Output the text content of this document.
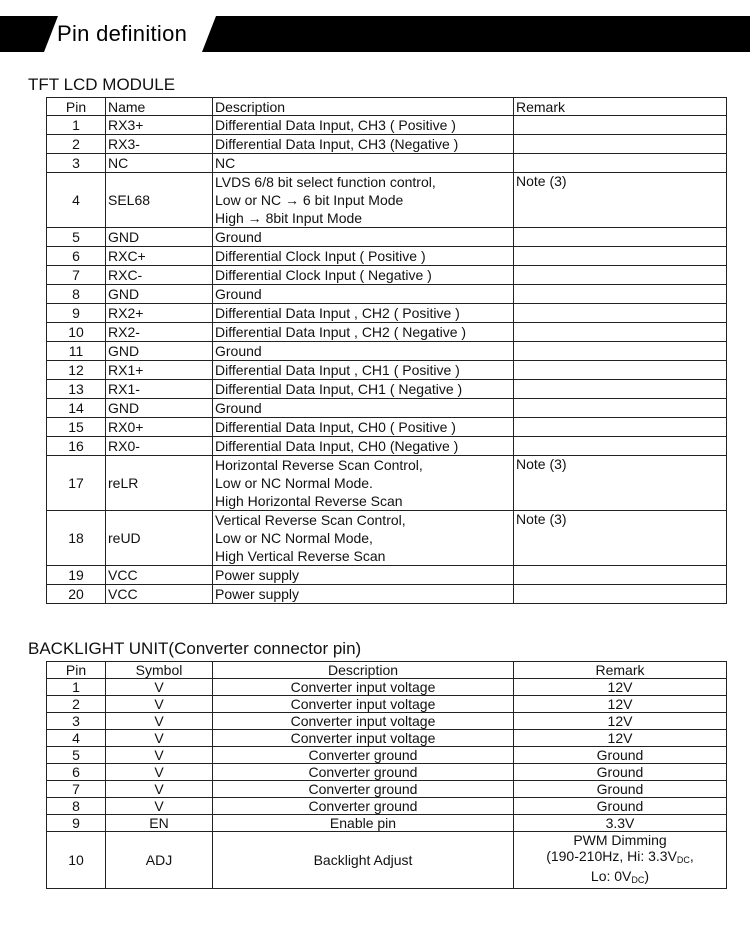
Pin definition
TFT LCD MODULE
Pin	Name	Description	Remark
1	RX3+	Differential Data Input, CH3 ( Positive )	

2	RX3-	Differential Data Input, CH3 (Negative )	

3	NC	NC	

4	SEL68	LVDS 6/8 bit select function control,
Low or NC → 6 bit Input Mode
High → 8bit Input Mode	Note (3)
5	GND	Ground	

6	RXC+	Differential Clock Input ( Positive )	

7	RXC-	Differential Clock Input ( Negative )	

8	GND	Ground	

9	RX2+	Differential Data Input , CH2 ( Positive )	

10	RX2-	Differential Data Input , CH2 ( Negative )	

11	GND	Ground	

12	RX1+	Differential Data Input , CH1 ( Positive )	

13	RX1-	Differential Data Input, CH1 ( Negative )	

14	GND	Ground	

15	RX0+	Differential Data Input, CH0 ( Positive )	

16	RX0-	Differential Data Input, CH0 (Negative )	

17	reLR	Horizontal Reverse Scan Control,
Low or NC Normal Mode.
High Horizontal Reverse Scan	Note (3)
18	reUD	Vertical Reverse Scan Control,
Low or NC Normal Mode,
High Vertical Reverse Scan	Note (3)
19	VCC	Power supply	

20	VCC	Power supply	

BACKLIGHT UNIT(Converter connector pin)
Pin	Symbol	Description	Remark
1	V	Converter input voltage	12V
2	V	Converter input voltage	12V
3	V	Converter input voltage	12V
4	V	Converter input voltage	12V
5	V	Converter ground	Ground
6	V	Converter ground	Ground
7	V	Converter ground	Ground
8	V	Converter ground	Ground
9	EN	Enable pin	3.3V
10	ADJ	Backlight Adjust	PWM Dimming
(190-210Hz, Hi: $3.3V_{DC}$,
Lo: $0V_{DC}$)
